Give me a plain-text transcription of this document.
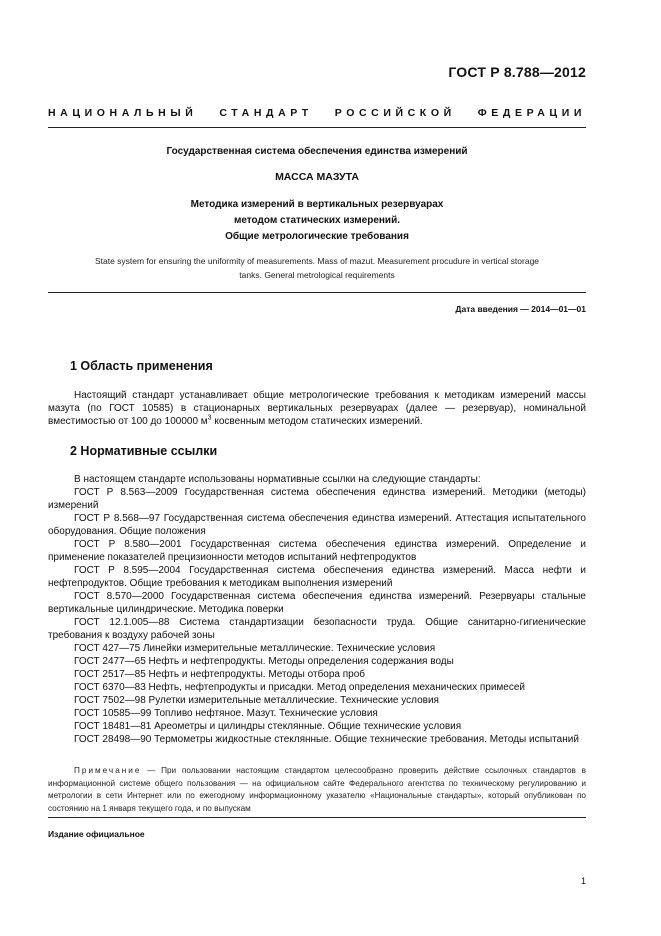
ГОСТ Р 8.788—2012
НАЦИОНАЛЬНЫЙ СТАНДАРТ РОССИЙСКОЙ ФЕДЕРАЦИИ
Государственная система обеспечения единства измерений
МАССА МАЗУТА
Методика измерений в вертикальных резервуарах
методом статических измерений.
Общие метрологические требования
State system for ensuring the uniformity of measurements. Mass of mazut. Measurement procudure in vertical storage
tanks. General metrological requirements
Дата введения — 2014—01—01
1 Область применения
Настоящий стандарт устанавливает общие метрологические требования к методикам измерений массы мазута (по ГОСТ 10585) в стационарных вертикальных резервуарах (далее — резервуар), номинальной вместимостью от 100 до 100000 $м^3$ косвенным методом статических измерений.
2 Нормативные ссылки
В настоящем стандарте использованы нормативные ссылки на следующие стандарты:
ГОСТ Р 8.563—2009 Государственная система обеспечения единства измерений. Методики (методы) измерений
ГОСТ Р 8.568—97 Государственная система обеспечения единства измерений. Аттестация испытательного оборудования. Общие положения
ГОСТ Р 8.580—2001 Государственная система обеспечения единства измерений. Определение и применение показателей прецизионности методов испытаний нефтепродуктов
ГОСТ Р 8.595—2004 Государственная система обеспечения единства измерений. Масса нефти и нефтепродуктов. Общие требования к методикам выполнения измерений
ГОСТ 8.570—2000 Государственная система обеспечения единства измерений. Резервуары стальные вертикальные цилиндрические. Методика поверки
ГОСТ 12.1.005—88 Система стандартизации безопасности труда. Общие санитарно-гигиенические требования к воздуху рабочей зоны
ГОСТ 427—75 Линейки измерительные металлические. Технические условия
ГОСТ 2477—65 Нефть и нефтепродукты. Методы определения содержания воды
ГОСТ 2517—85 Нефть и нефтепродукты. Методы отбора проб
ГОСТ 6370—83 Нефть, нефтепродукты и присадки. Метод определения механических примесей
ГОСТ 7502—98 Рулетки измерительные металлические. Технические условия
ГОСТ 10585—99 Топливо нефтяное. Мазут. Технические условия
ГОСТ 18481—81 Ареометры и цилиндры стеклянные. Общие технические условия
ГОСТ 28498—90 Термометры жидкостные стеклянные. Общие технические требования. Методы испытаний
Примечание — При пользовании настоящим стандартом целесообразно проверить действие ссылочных стандартов в информационной системе общего пользования — на официальном сайте Федерального агентства по техническому регулированию и метрологии в сети Интернет или по ежегодному информационному указателю «Национальные стандарты», который опубликован по состоянию на 1 января текущего года, и по выпускам
Издание официальное
1
